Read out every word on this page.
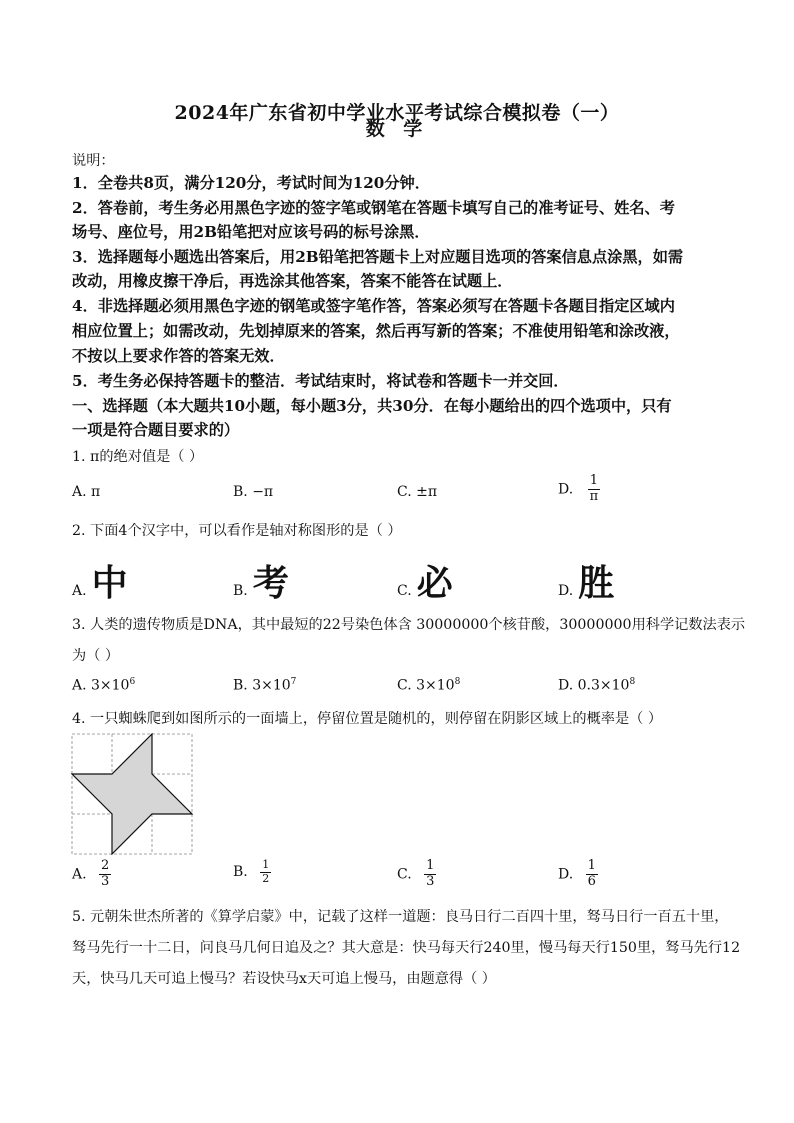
2024年广东省初中学业水平考试综合模拟卷（一）
数 学
说明：
1．全卷共8页，满分120分，考试时间为120分钟．
2．答卷前，考生务必用黑色字迹的签字笔或钢笔在答题卡填写自己的准考证号、姓名、考
场号、座位号，用2B铅笔把对应该号码的标号涂黑．
3．选择题每小题选出答案后，用2B铅笔把答题卡上对应题目选项的答案信息点涂黑，如需
改动，用橡皮擦干净后，再选涂其他答案，答案不能答在试题上．
4．非选择题必须用黑色字迹的钢笔或签字笔作答，答案必须写在答题卡各题目指定区域内
相应位置上；如需改动，先划掉原来的答案，然后再写新的答案；不准使用铅笔和涂改液，
不按以上要求作答的答案无效．
5．考生务必保持答题卡的整洁．考试结束时，将试卷和答题卡一并交回．
一、选择题（本大题共10小题，每小题3分，共30分．在每小题给出的四个选项中，只有
一项是符合题目要求的）
1. π的绝对值是（ ）
A. π	B. −π	C. ±π	D. $\frac{1}{\pi}$
2. 下面4个汉字中，可以看作是轴对称图形的是（ ）
A. 中	B. 考	C. 必	D. 胜
3. 人类的遗传物质是DNA，其中最短的22号染色体含 30000000个核苷酸，30000000用科学记数法表示
为（ ）
A. $3\times 10^6$	B. $3\times 10^7$	C. $3\times 10^8$	D. $0.3\times 10^8$
4. 一只蜘蛛爬到如图所示的一面墙上，停留位置是随机的，则停留在阴影区域上的概率是（ ）
A. $\frac{2}{3}$	B. $\frac{1}{2}$	C. $\frac{1}{3}$	D. $\frac{1}{6}$
5. 元朝朱世杰所著的《算学启蒙》中，记载了这样一道题：良马日行二百四十里，驽马日行一百五十里，
驽马先行一十二日，问良马几何日追及之？其大意是：快马每天行240里，慢马每天行150里，驽马先行12
天，快马几天可追上慢马？若设快马x天可追上慢马，由题意得（ ）
